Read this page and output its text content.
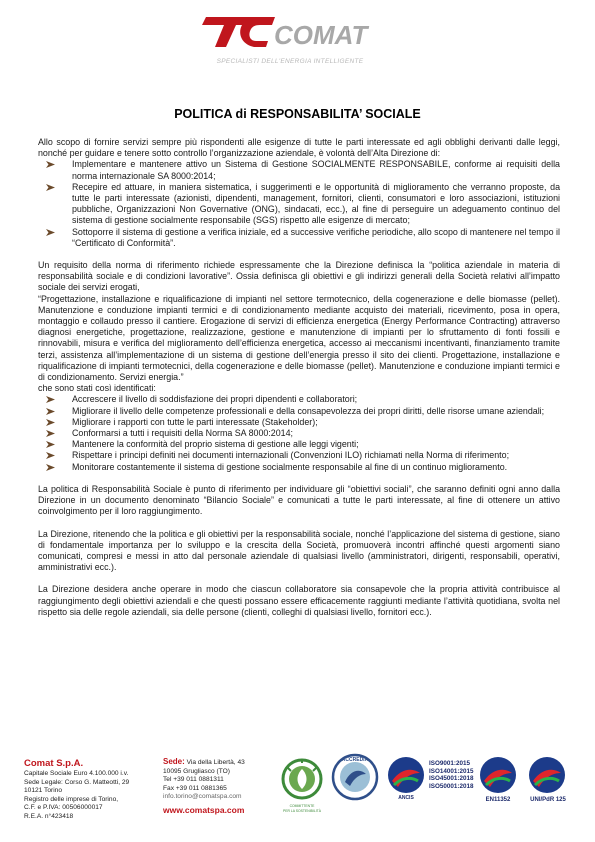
COMAT
SPECIALISTI DELL'ENERGIA INTELLIGENTE
POLITICA di RESPONSABILITA’ SOCIALE

Allo scopo di fornire servizi sempre più rispondenti alle esigenze di tutte le parti interessate ed agli obblighi derivanti dalle leggi, nonché per guidare e tenere sotto controllo l’organizzazione aziendale, è volontà dell’Alta Direzione di:

Implementare e mantenere attivo un Sistema di Gestione SOCIALMENTE RESPONSABILE, conforme ai requisiti della norma internazionale SA 8000:2014;
Recepire ed attuare, in maniera sistematica, i suggerimenti e le opportunità di miglioramento che verranno proposte, da tutte le parti interessate (azionisti, dipendenti, management, fornitori, clienti, consumatori e loro associazioni, istituzioni pubbliche, Organizzazioni Non Governative (ONG), sindacati, ecc.), al fine di perseguire un adeguamento continuo del sistema di gestione socialmente responsabile (SGS) rispetto alle esigenze di mercato;
Sottoporre il sistema di gestione a verifica iniziale, ed a successive verifiche periodiche, allo scopo di mantenere nel tempo il “Certificato di Conformità”.

Un requisito della norma di riferimento richiede espressamente che la Direzione definisca la “politica aziendale in materia di responsabilità sociale e di condizioni lavorative”. Ossia definisca gli obiettivi e gli indirizzi generali della Società relativi all’impatto sociale dei servizi erogati,

“Progettazione, installazione e riqualificazione di impianti nel settore termotecnico, della cogenerazione e delle biomasse (pellet). Manutenzione e conduzione impianti termici e di condizionamento mediante acquisto dei materiali, ricevimento, posa in opera, montaggio e collaudo presso il cantiere. Erogazione di servizi di efficienza energetica (Energy Performance Contracting) attraverso diagnosi energetiche, progettazione, realizzazione, gestione e manutenzione di impianti per lo sfruttamento di fonti fossili e rinnovabili, misura e verifica del miglioramento dell’efficienza energetica, accesso ai meccanismi incentivanti, finanziamento tramite terzi, assistenza all’implementazione di un sistema di gestione dell’energia presso il sito dei clienti. Progettazione, installazione e riqualificazione di impianti termotecnici, della cogenerazione e delle biomasse (pellet). Manutenzione e conduzione impianti termici e di condizionamento. Servizi energia.”

che sono stati così identificati:

Accrescere il livello di soddisfazione dei propri dipendenti e collaboratori;
Migliorare il livello delle competenze professionali e della consapevolezza dei propri diritti, delle risorse umane aziendali;
Migliorare i rapporti con tutte le parti interessate (Stakeholder);
Conformarsi a tutti i requisiti della Norma SA 8000:2014;
Mantenere la conformità del proprio sistema di gestione alle leggi vigenti;
Rispettare i principi definiti nei documenti internazionali (Convenzioni ILO) richiamati nella Norma di riferimento;
Monitorare costantemente il sistema di gestione socialmente responsabile al fine di un continuo miglioramento.

La politica di Responsabilità Sociale è punto di riferimento per individuare gli “obiettivi sociali”, che saranno definiti ogni anno dalla Direzione in un documento denominato “Bilancio Sociale” e comunicati a tutte le parti interessate, al fine di ottenere un attivo coinvolgimento per il loro raggiungimento.

La Direzione, ritenendo che la politica e gli obiettivi per la responsabilità sociale, nonché l’applicazione del sistema di gestione, siano di fondamentale importanza per lo sviluppo e la crescita della Società, promuoverà incontri affinché questi argomenti siano comunicati, compresi e messi in atto dal personale aziendale di qualsiasi livello (amministratori, dirigenti, responsabili, operativi, amministrativi ecc.).

La Direzione desidera anche operare in modo che ciascun collaboratore sia consapevole che la propria attività contribuisce al raggiungimento degli obiettivi aziendali e che questi possano essere efficacemente raggiunti mediante l’attività quotidiana, svolta nel rispetto sia delle regole aziendali, sia delle persone (clienti, colleghi di qualsiasi livello, fornitori ecc.).

Comat S.p.A.
Capitale Sociale Euro 4.100.000 i.v.
Sede Legale: Corso G. Matteotti, 29
10121 Torino
Registro delle imprese di Torino,
C.F. e P.IVA: 00506000017
R.E.A. n°423418
Sede: Via della Libertà, 43
10095 Grugliasco (TO)
Tel +39 011 0881311
Fax +39 011 0881365
info.torino@comatspa.com
www.comatspa.com	COMMITTENTE
PER LA SOSTENIBILITÀ
ACCREDIA
ANCIS
ISO9001:2015
ISO14001:2015
ISO45001:2018
ISO50001:2018
EN11352	UNI/PdR 125
